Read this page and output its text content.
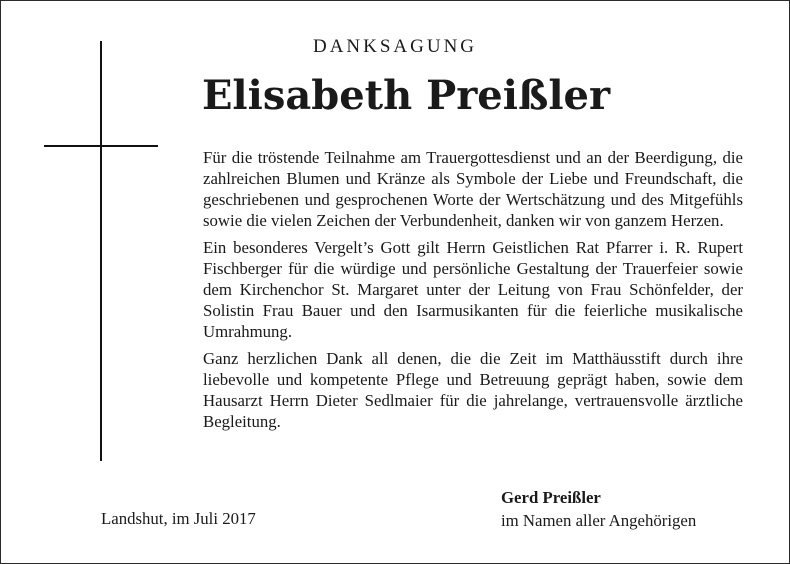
DANKSAGUNG
Elisabeth Preißler

Für die tröstende Teilnahme am Trauergottesdienst und an der Beerdigung, die zahlreichen Blumen und Kränze als Symbole der Liebe und Freundschaft, die geschriebenen und gesprochenen Worte der Wertschätzung und des Mitgefühls sowie die vielen Zeichen der Verbundenheit, danken wir von ganzem Herzen.

Ein besonderes Vergelt’s Gott gilt Herrn Geistlichen Rat Pfarrer i. R. Rupert Fischberger für die würdige und persönliche Gestaltung der Trauerfeier sowie dem Kirchenchor St. Margaret unter der Leitung von Frau Schönfelder, der Solistin Frau Bauer und den Isarmusikanten für die feierliche musikalische Umrahmung.

Ganz herzlichen Dank all denen, die die Zeit im Matthäusstift durch ihre liebevolle und kompetente Pflege und Betreuung geprägt haben, sowie dem Hausarzt Herrn Dieter Sedlmaier für die jahrelange, vertrauensvolle ärztliche Begleitung.

Landshut, im Juli 2017
Gerd Preißler
im Namen aller Angehörigen
